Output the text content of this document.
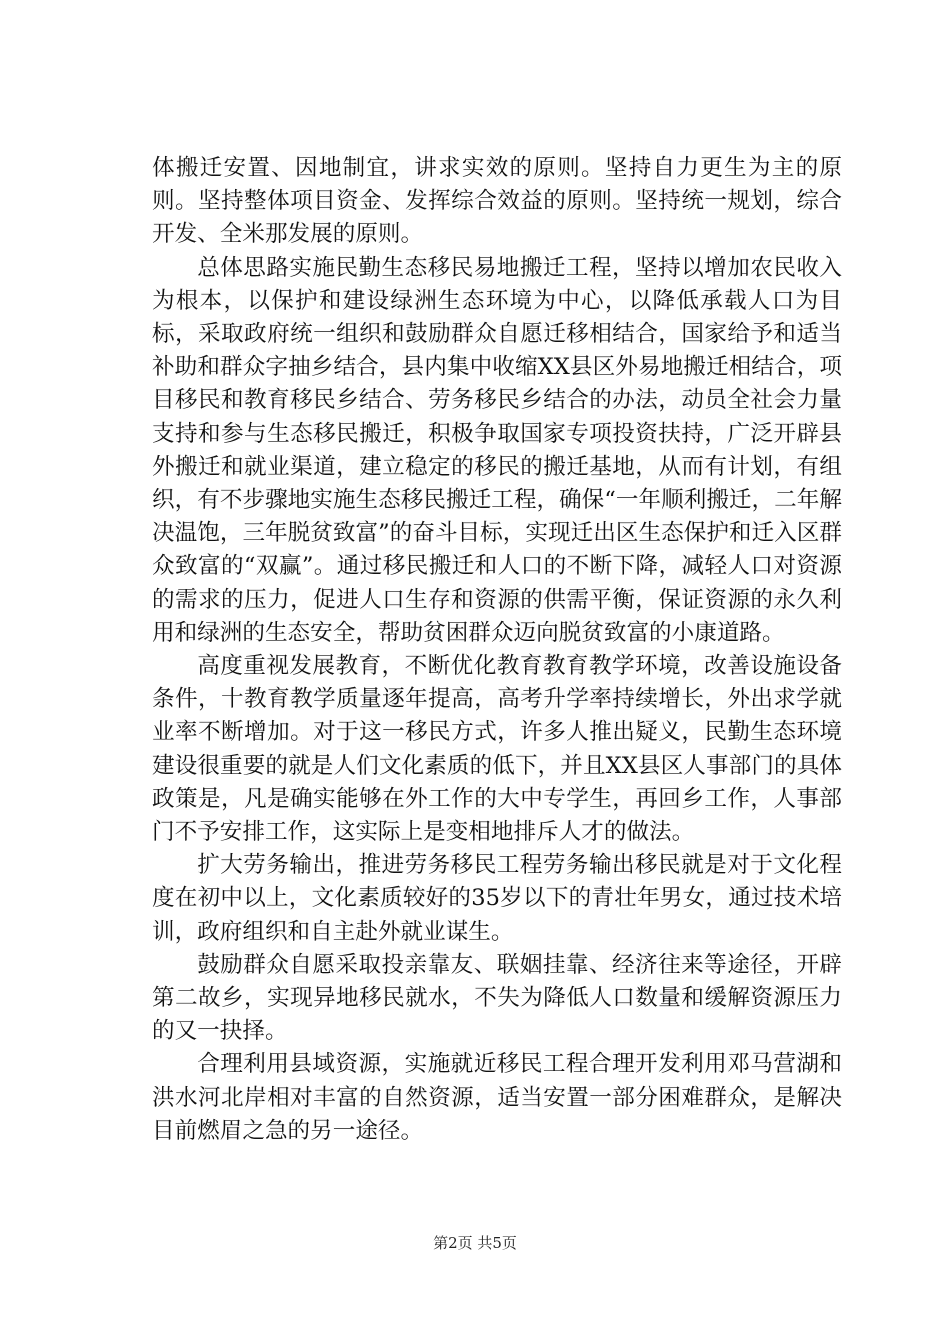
体搬迁安置、因地制宜，讲求实效的原则。坚持自力更生为主的原则。坚持整体项目资金、发挥综合效益的原则。坚持统一规划，综合开发、全米那发展的原则。

总体思路实施民勤生态移民易地搬迁工程，坚持以增加农民收入为根本，以保护和建设绿洲生态环境为中心，以降低承载人口为目标，采取政府统一组织和鼓励群众自愿迁移相结合，国家给予和适当补助和群众字抽乡结合，县内集中收缩XX县区外易地搬迁相结合，项目移民和教育移民乡结合、劳务移民乡结合的办法，动员全社会力量支持和参与生态移民搬迁，积极争取国家专项投资扶持，广泛开辟县外搬迁和就业渠道，建立稳定的移民的搬迁基地，从而有计划，有组织，有不步骤地实施生态移民搬迁工程，确保“一年顺利搬迁，二年解决温饱，三年脱贫致富”的奋斗目标，实现迁出区生态保护和迁入区群众致富的“双赢”。通过移民搬迁和人口的不断下降，减轻人口对资源的需求的压力，促进人口生存和资源的供需平衡，保证资源的永久利用和绿洲的生态安全，帮助贫困群众迈向脱贫致富的小康道路。

高度重视发展教育，不断优化教育教育教学环境，改善设施设备条件，十教育教学质量逐年提高，高考升学率持续增长，外出求学就业率不断增加。对于这一移民方式，许多人推出疑义，民勤生态环境建设很重要的就是人们文化素质的低下，并且XX县区人事部门的具体政策是，凡是确实能够在外工作的大中专学生，再回乡工作，人事部门不予安排工作，这实际上是变相地排斥人才的做法。

扩大劳务输出，推进劳务移民工程劳务输出移民就是对于文化程度在初中以上，文化素质较好的35岁以下的青壮年男女，通过技术培训，政府组织和自主赴外就业谋生。

鼓励群众自愿采取投亲靠友、联姻挂靠、经济往来等途径，开辟第二故乡，实现异地移民就水，不失为降低人口数量和缓解资源压力的又一抉择。

合理利用县域资源，实施就近移民工程合理开发利用邓马营湖和洪水河北岸相对丰富的自然资源，适当安置一部分困难群众，是解决目前燃眉之急的另一途径。

第2页 共5页
